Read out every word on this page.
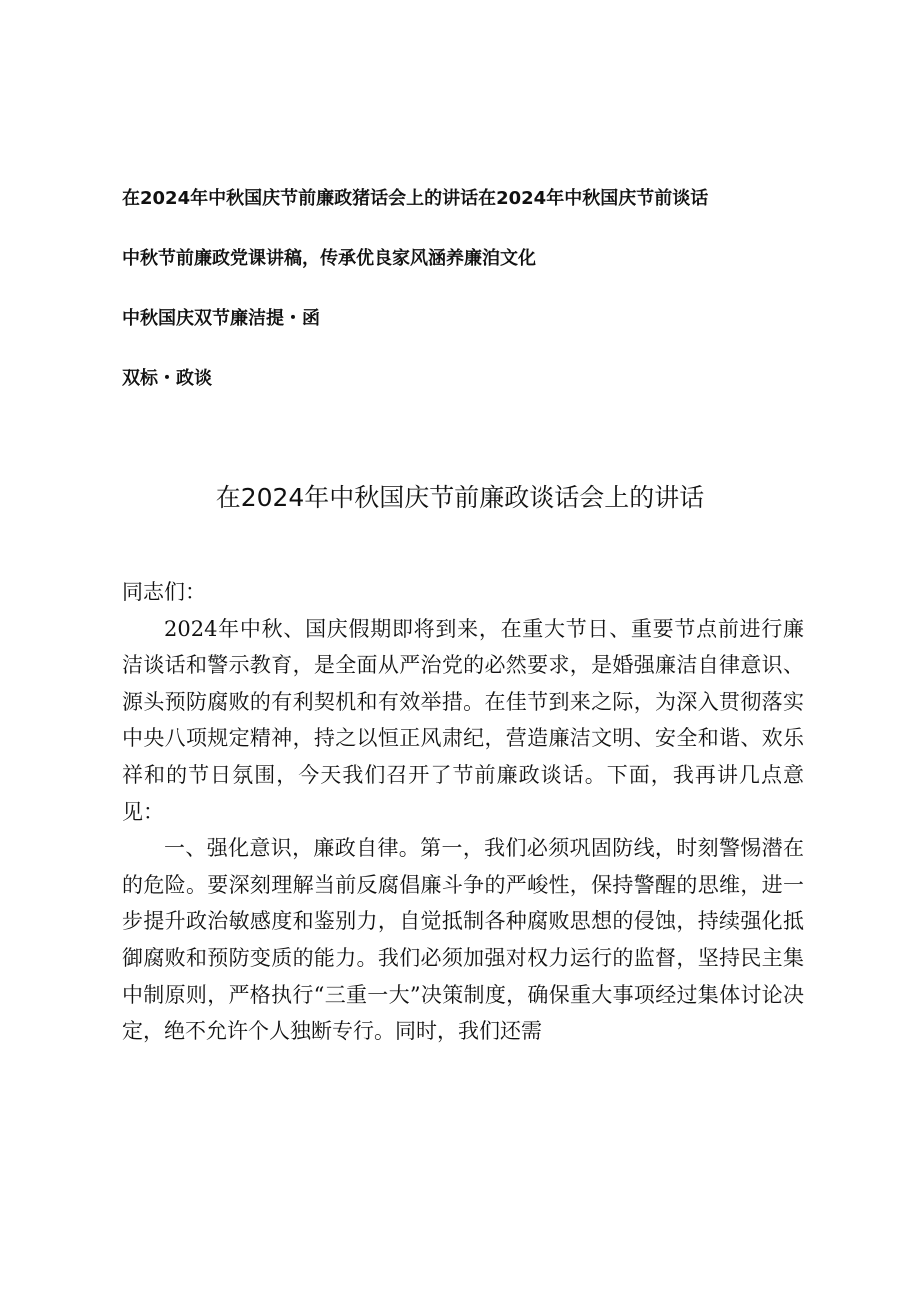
在2024年中秋国庆节前廉政猪话会上的讲话在2024年中秋国庆节前谈话
中秋节前廉政党课讲稿，传承优良家风涵养廉洎文化
中秋国庆双节廉洁提・函
双标・政谈
在2024年中秋国庆节前廉政谈话会上的讲话

同志们：

2024年中秋、国庆假期即将到来，在重大节日、重要节点前进行廉洁谈话和警示教育，是全面从严治党的必然要求，是婚强廉洁自律意识、源头预防腐败的有利契机和有效举措。在佳节到来之际，为深入贯彻落实中央八项规定精神，持之以恒正风肃纪，营造廉洁文明、安全和谐、欢乐祥和的节日氛围，今天我们召开了节前廉政谈话。下面，我再讲几点意见：

一、强化意识，廉政自律。第一，我们必须巩固防线，时刻警惕潜在的危险。要深刻理解当前反腐倡廉斗争的严峻性，保持警醒的思维，进一步提升政治敏感度和鉴别力，自觉抵制各种腐败思想的侵蚀，持续强化抵御腐败和预防变质的能力。我们必须加强对权力运行的监督，坚持民主集中制原则，严格执行“三重一大”决策制度，确保重大事项经过集体讨论决定，绝不允许个人独断专行。同时，我们还需
